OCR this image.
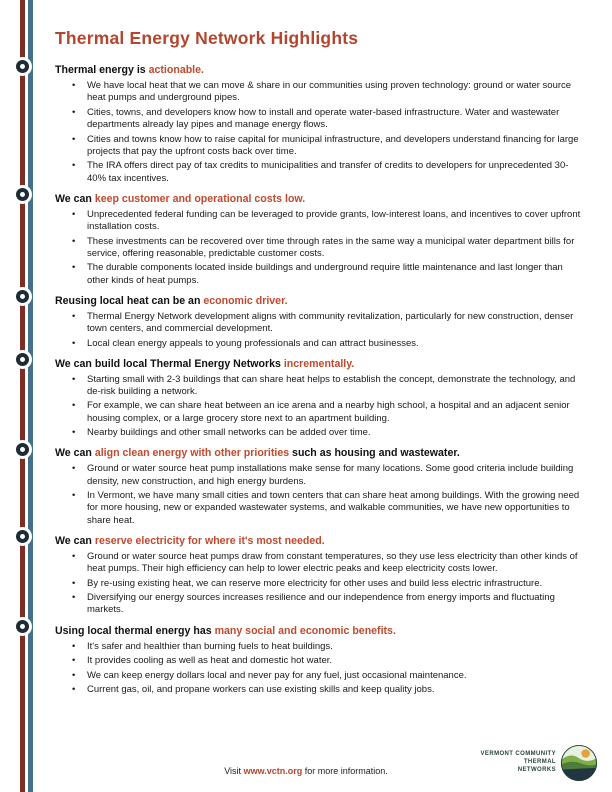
Thermal Energy Network Highlights
Thermal energy is actionable.
•	We have local heat that we can move & share in our communities using proven technology: ground or water source heat pumps and underground pipes.
•	Cities, towns, and developers know how to install and operate water-based infrastructure. Water and wastewater departments already lay pipes and manage energy flows.
•	Cities and towns know how to raise capital for municipal infrastructure, and developers understand financing for large projects that pay the upfront costs back over time.
•	The IRA offers direct pay of tax credits to municipalities and transfer of credits to developers for unprecedented 30-40% tax incentives.
We can keep customer and operational costs low.
•	Unprecedented federal funding can be leveraged to provide grants, low-interest loans, and incentives to cover upfront installation costs.
•	These investments can be recovered over time through rates in the same way a municipal water department bills for service, offering reasonable, predictable customer costs.
•	The durable components located inside buildings and underground require little maintenance and last longer than other kinds of heat pumps.
Reusing local heat can be an economic driver.
•	Thermal Energy Network development aligns with community revitalization, particularly for new construction, denser town centers, and commercial development.
•	Local clean energy appeals to young professionals and can attract businesses.
We can build local Thermal Energy Networks incrementally.
•	Starting small with 2-3 buildings that can share heat helps to establish the concept, demonstrate the technology, and de-risk building a network.
•	For example, we can share heat between an ice arena and a nearby high school, a hospital and an adjacent senior housing complex, or a large grocery store next to an apartment building.
•	Nearby buildings and other small networks can be added over time.
We can align clean energy with other priorities such as housing and wastewater.
•	Ground or water source heat pump installations make sense for many locations. Some good criteria include building density, new construction, and high energy burdens.
•	In Vermont, we have many small cities and town centers that can share heat among buildings. With the growing need for more housing, new or expanded wastewater systems, and walkable communities, we have new opportunities to share heat.
We can reserve electricity for where it's most needed.
•	Ground or water source heat pumps draw from constant temperatures, so they use less electricity than other kinds of heat pumps. Their high efficiency can help to lower electric peaks and keep electricity costs lower.
•	By re-using existing heat, we can reserve more electricity for other uses and build less electric infrastructure.
•	Diversifying our energy sources increases resilience and our independence from energy imports and fluctuating markets.
Using local thermal energy has many social and economic benefits.
•	It's safer and healthier than burning fuels to heat buildings.
•	It provides cooling as well as heat and domestic hot water.
•	We can keep energy dollars local and never pay for any fuel, just occasional maintenance.
•	Current gas, oil, and propane workers can use existing skills and keep quality jobs.
Visit www.vctn.org for more information.
VERMONT COMMUNITY
THERMAL
NETWORKS
